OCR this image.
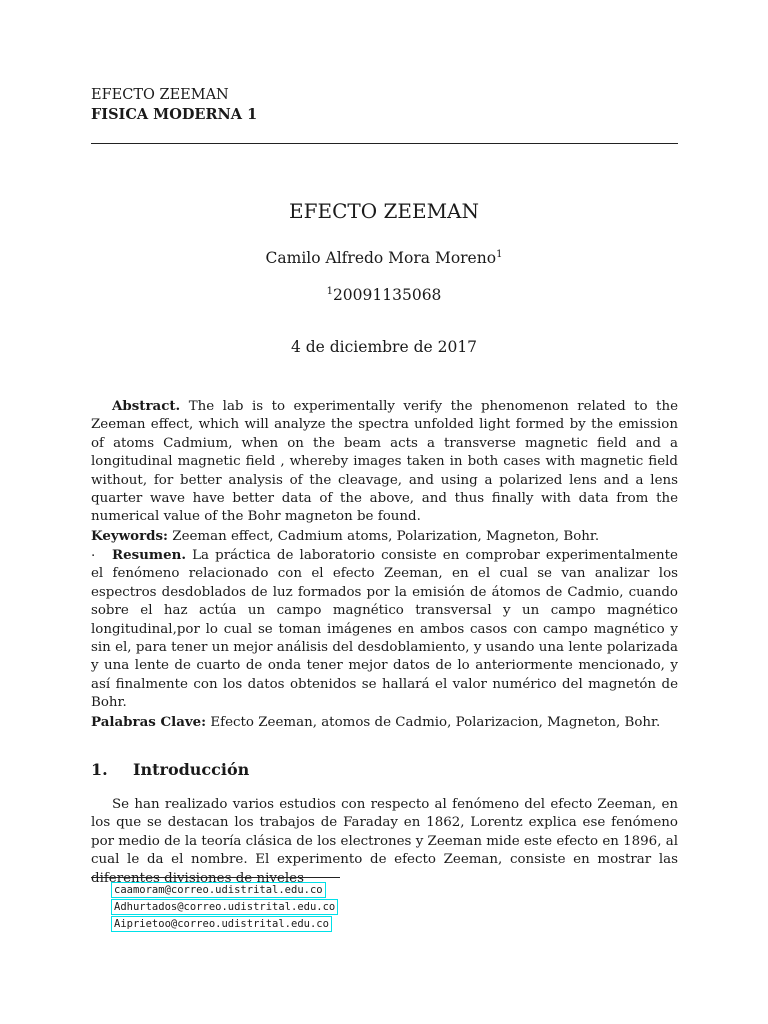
EFECTO ZEEMAN
FISICA MODERNA 1
EFECTO ZEEMAN
Camilo Alfredo Mora Moreno$^1$
$^1$20091135068
4 de diciembre de 2017

Abstract. The lab is to experimentally verify the phenomenon related to the Zeeman effect, which will analyze the spectra unfolded light formed by the emission of atoms Cadmium, when on the beam acts a transverse magnetic field and a longitudinal magnetic field , whereby images taken in both cases with magnetic field without, for better analysis of the cleavage, and using a polarized lens and a lens quarter wave have better data of the above, and thus finally with data from the numerical value of the Bohr magneton be found.

Keywords: Zeeman effect, Cadmium atoms, Polarization, Magneton, Bohr.

.	Resumen. La práctica de laboratorio consiste en comprobar experimentalmente el fenómeno relacionado con el efecto Zeeman, en el cual se van analizar los espectros desdoblados de luz formados por la emisión de átomos de Cadmio, cuando sobre el haz actúa un campo magnético transversal y un campo magnético longitudinal,por lo cual se toman imágenes en ambos casos con campo magnético y sin el, para tener un mejor análisis del desdoblamiento, y usando una lente polarizada y una lente de cuarto de onda tener mejor datos de lo anteriormente mencionado, y así finalmente con los datos obtenidos se hallará el valor numérico del magnetón de Bohr.

Palabras Clave: Efecto Zeeman, atomos de Cadmio, Polarizacion, Magneton, Bohr.

1. Introducción

Se han realizado varios estudios con respecto al fenómeno del efecto Zeeman, en los que se destacan los trabajos de Faraday en 1862, Lorentz explica ese fenómeno por medio de la teoría clásica de los electrones y Zeeman mide este efecto en 1896, al cual le da el nombre. El experimento de efecto Zeeman, consiste en mostrar las diferentes divisiones de niveles

caamoram@correo.udistrital.edu.co
Adhurtados@correo.udistrital.edu.co
Aiprietoo@correo.udistrital.edu.co
